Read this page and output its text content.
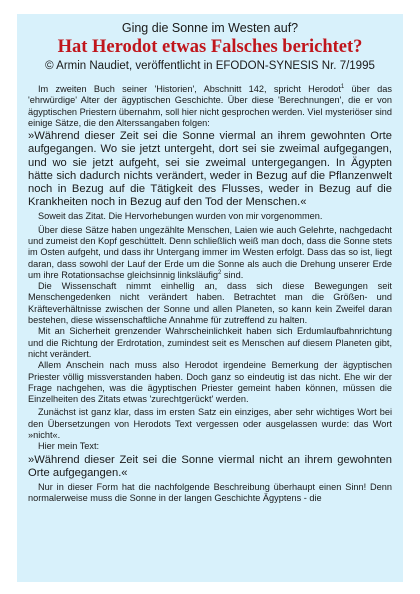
Ging die Sonne im Westen auf?
Hat Herodot etwas Falsches berichtet?
© Armin Naudiet, veröffentlicht in EFODON-SYNESIS Nr. 7/1995

Im zweiten Buch seiner 'Historien', Abschnitt 142, spricht Herodot$^1$ über das 'ehrwürdige' Alter der ägyptischen Geschichte. Über diese 'Berechnungen', die er von ägyptischen Priestern übernahm, soll hier nicht gesprochen werden. Viel mysteriöser sind einige Sätze, die den Alterssangaben folgen:

»Während dieser Zeit sei die Sonne viermal an ihrem gewohnten Orte aufgegangen. Wo sie jetzt untergeht, dort sei sie zweimal aufgegangen, und wo sie jetzt aufgeht, sei sie zweimal untergegangen. In Ägypten hätte sich dadurch nichts verändert, weder in Bezug auf die Pflanzenwelt noch in Bezug auf die Tätigkeit des Flusses, weder in Bezug auf die Krankheiten noch in Bezug auf den Tod der Menschen.«

Soweit das Zitat. Die Hervorhebungen wurden von mir vorgenommen.

Über diese Sätze haben ungezählte Menschen, Laien wie auch Gelehrte, nachgedacht und zumeist den Kopf geschüttelt. Denn schließlich weiß man doch, dass die Sonne stets im Osten aufgeht, und dass ihr Untergang immer im Westen erfolgt. Dass das so ist, liegt daran, dass sowohl der Lauf der Erde um die Sonne als auch die Drehung unserer Erde um ihre Rotationsachse gleichsinnig linksläufig$^2$ sind.

Die Wissenschaft nimmt einhellig an, dass sich diese Bewegungen seit Menschengedenken nicht verändert haben. Betrachtet man die Größen- und Kräfteverhältnisse zwischen der Sonne und allen Planeten, so kann kein Zweifel daran bestehen, diese wissenschaftliche Annahme für zutreffend zu halten.

Mit an Sicherheit grenzender Wahrscheinlichkeit haben sich Erdumlaufbahnrichtung und die Richtung der Erdrotation, zumindest seit es Menschen auf diesem Planeten gibt, nicht verändert.

Allem Anschein nach muss also Herodot irgendeine Bemerkung der ägyptischen Priester völlig missverstanden haben. Doch ganz so eindeutig ist das nicht. Ehe wir der Frage nachgehen, was die ägyptischen Priester gemeint haben können, müssen die Einzelheiten des Zitats etwas 'zurechtgerückt' werden.

Zunächst ist ganz klar, dass im ersten Satz ein einziges, aber sehr wichtiges Wort bei den Übersetzungen von Herodots Text vergessen oder ausgelassen wurde: das Wort »nicht«.

Hier mein Text:

»Während dieser Zeit sei die Sonne viermal nicht an ihrem gewohnten Orte aufgegangen.«

Nur in dieser Form hat die nachfolgende Beschreibung überhaupt einen Sinn! Denn normalerweise muss die Sonne in der langen Geschichte Ägyptens - die
